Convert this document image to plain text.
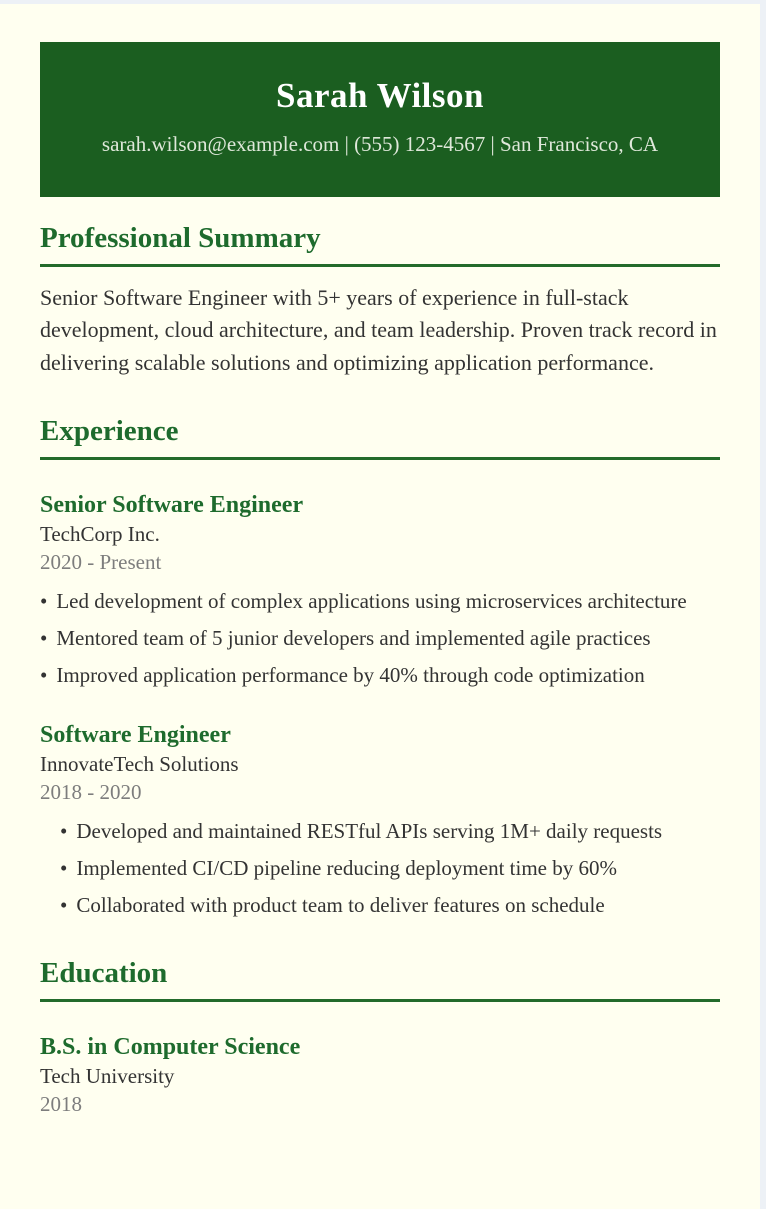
Sarah Wilson

sarah.wilson@example.com | (555) 123-4567 | San Francisco, CA

Professional Summary

Senior Software Engineer with 5+ years of experience in full-stack development, cloud architecture, and team leadership. Proven track record in delivering scalable solutions and optimizing application performance.

Experience
Senior Software Engineer

TechCorp Inc.

2020 - Present

• Led development of complex applications using microservices architecture
• Mentored team of 5 junior developers and implemented agile practices
• Improved application performance by 40% through code optimization
Software Engineer

InnovateTech Solutions

2018 - 2020

• Developed and maintained RESTful APIs serving 1M+ daily requests
• Implemented CI/CD pipeline reducing deployment time by 60%
• Collaborated with product team to deliver features on schedule
Education
B.S. in Computer Science

Tech University

2018
